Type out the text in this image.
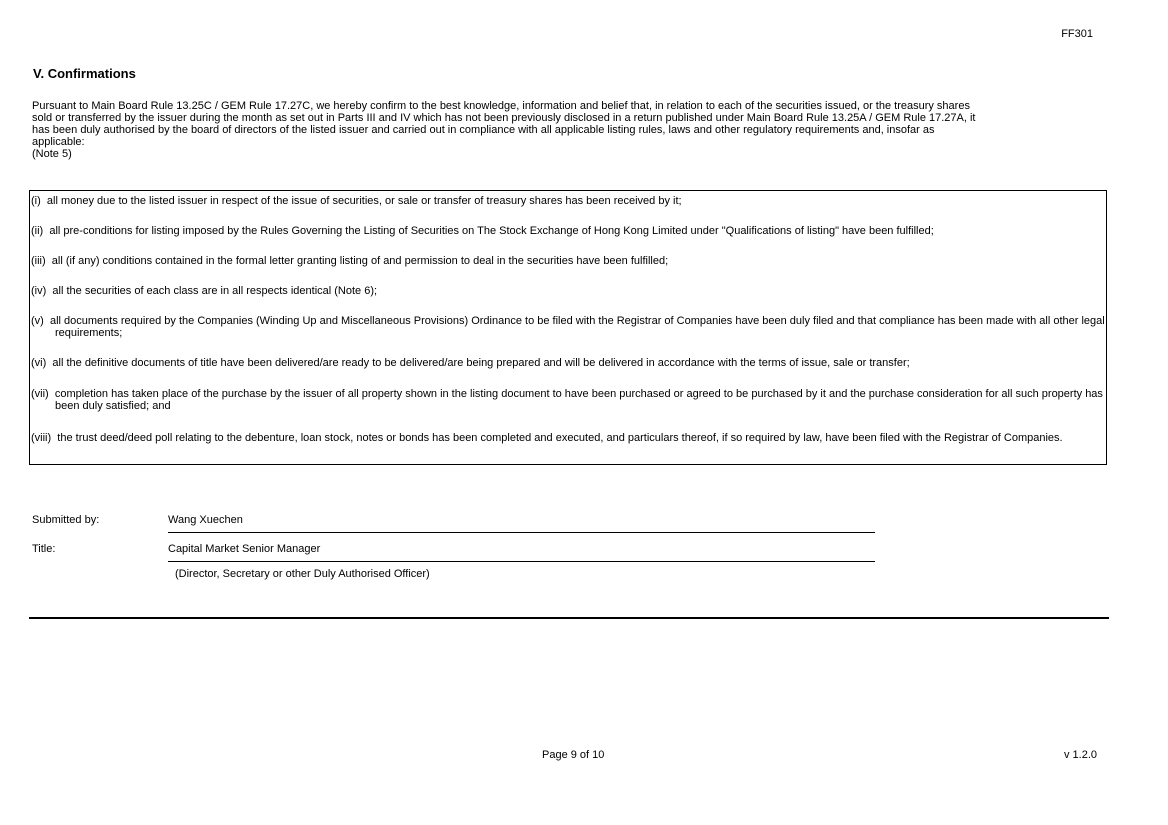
FF301
V. Confirmations
Pursuant to Main Board Rule 13.25C / GEM Rule 17.27C, we hereby confirm to the best knowledge, information and belief that, in relation to each of the securities issued, or the treasury shares
sold or transferred by the issuer during the month as set out in Parts III and IV which has not been previously disclosed in a return published under Main Board Rule 13.25A / GEM Rule 17.27A, it
has been duly authorised by the board of directors of the listed issuer and carried out in compliance with all applicable listing rules, laws and other regulatory requirements and, insofar as
applicable:
(Note 5)
(i) all money due to the listed issuer in respect of the issue of securities, or sale or transfer of treasury shares has been received by it;
(ii) all pre-conditions for listing imposed by the Rules Governing the Listing of Securities on The Stock Exchange of Hong Kong Limited under "Qualifications of listing" have been fulfilled;
(iii) all (if any) conditions contained in the formal letter granting listing of and permission to deal in the securities have been fulfilled;
(iv) all the securities of each class are in all respects identical (Note 6);
(v) all documents required by the Companies (Winding Up and Miscellaneous Provisions) Ordinance to be filed with the Registrar of Companies have been duly filed and that compliance has been made with all other legal requirements;
(vi) all the definitive documents of title have been delivered/are ready to be delivered/are being prepared and will be delivered in accordance with the terms of issue, sale or transfer;
(vii) completion has taken place of the purchase by the issuer of all property shown in the listing document to have been purchased or agreed to be purchased by it and the purchase consideration for all such property has been duly satisfied; and
(viii) the trust deed/deed poll relating to the debenture, loan stock, notes or bonds has been completed and executed, and particulars thereof, if so required by law, have been filed with the Registrar of Companies.
Submitted by:	Wang Xuechen
Title:	Capital Market Senior Manager
(Director, Secretary or other Duly Authorised Officer)
Page 9 of 10	v 1.2.0
